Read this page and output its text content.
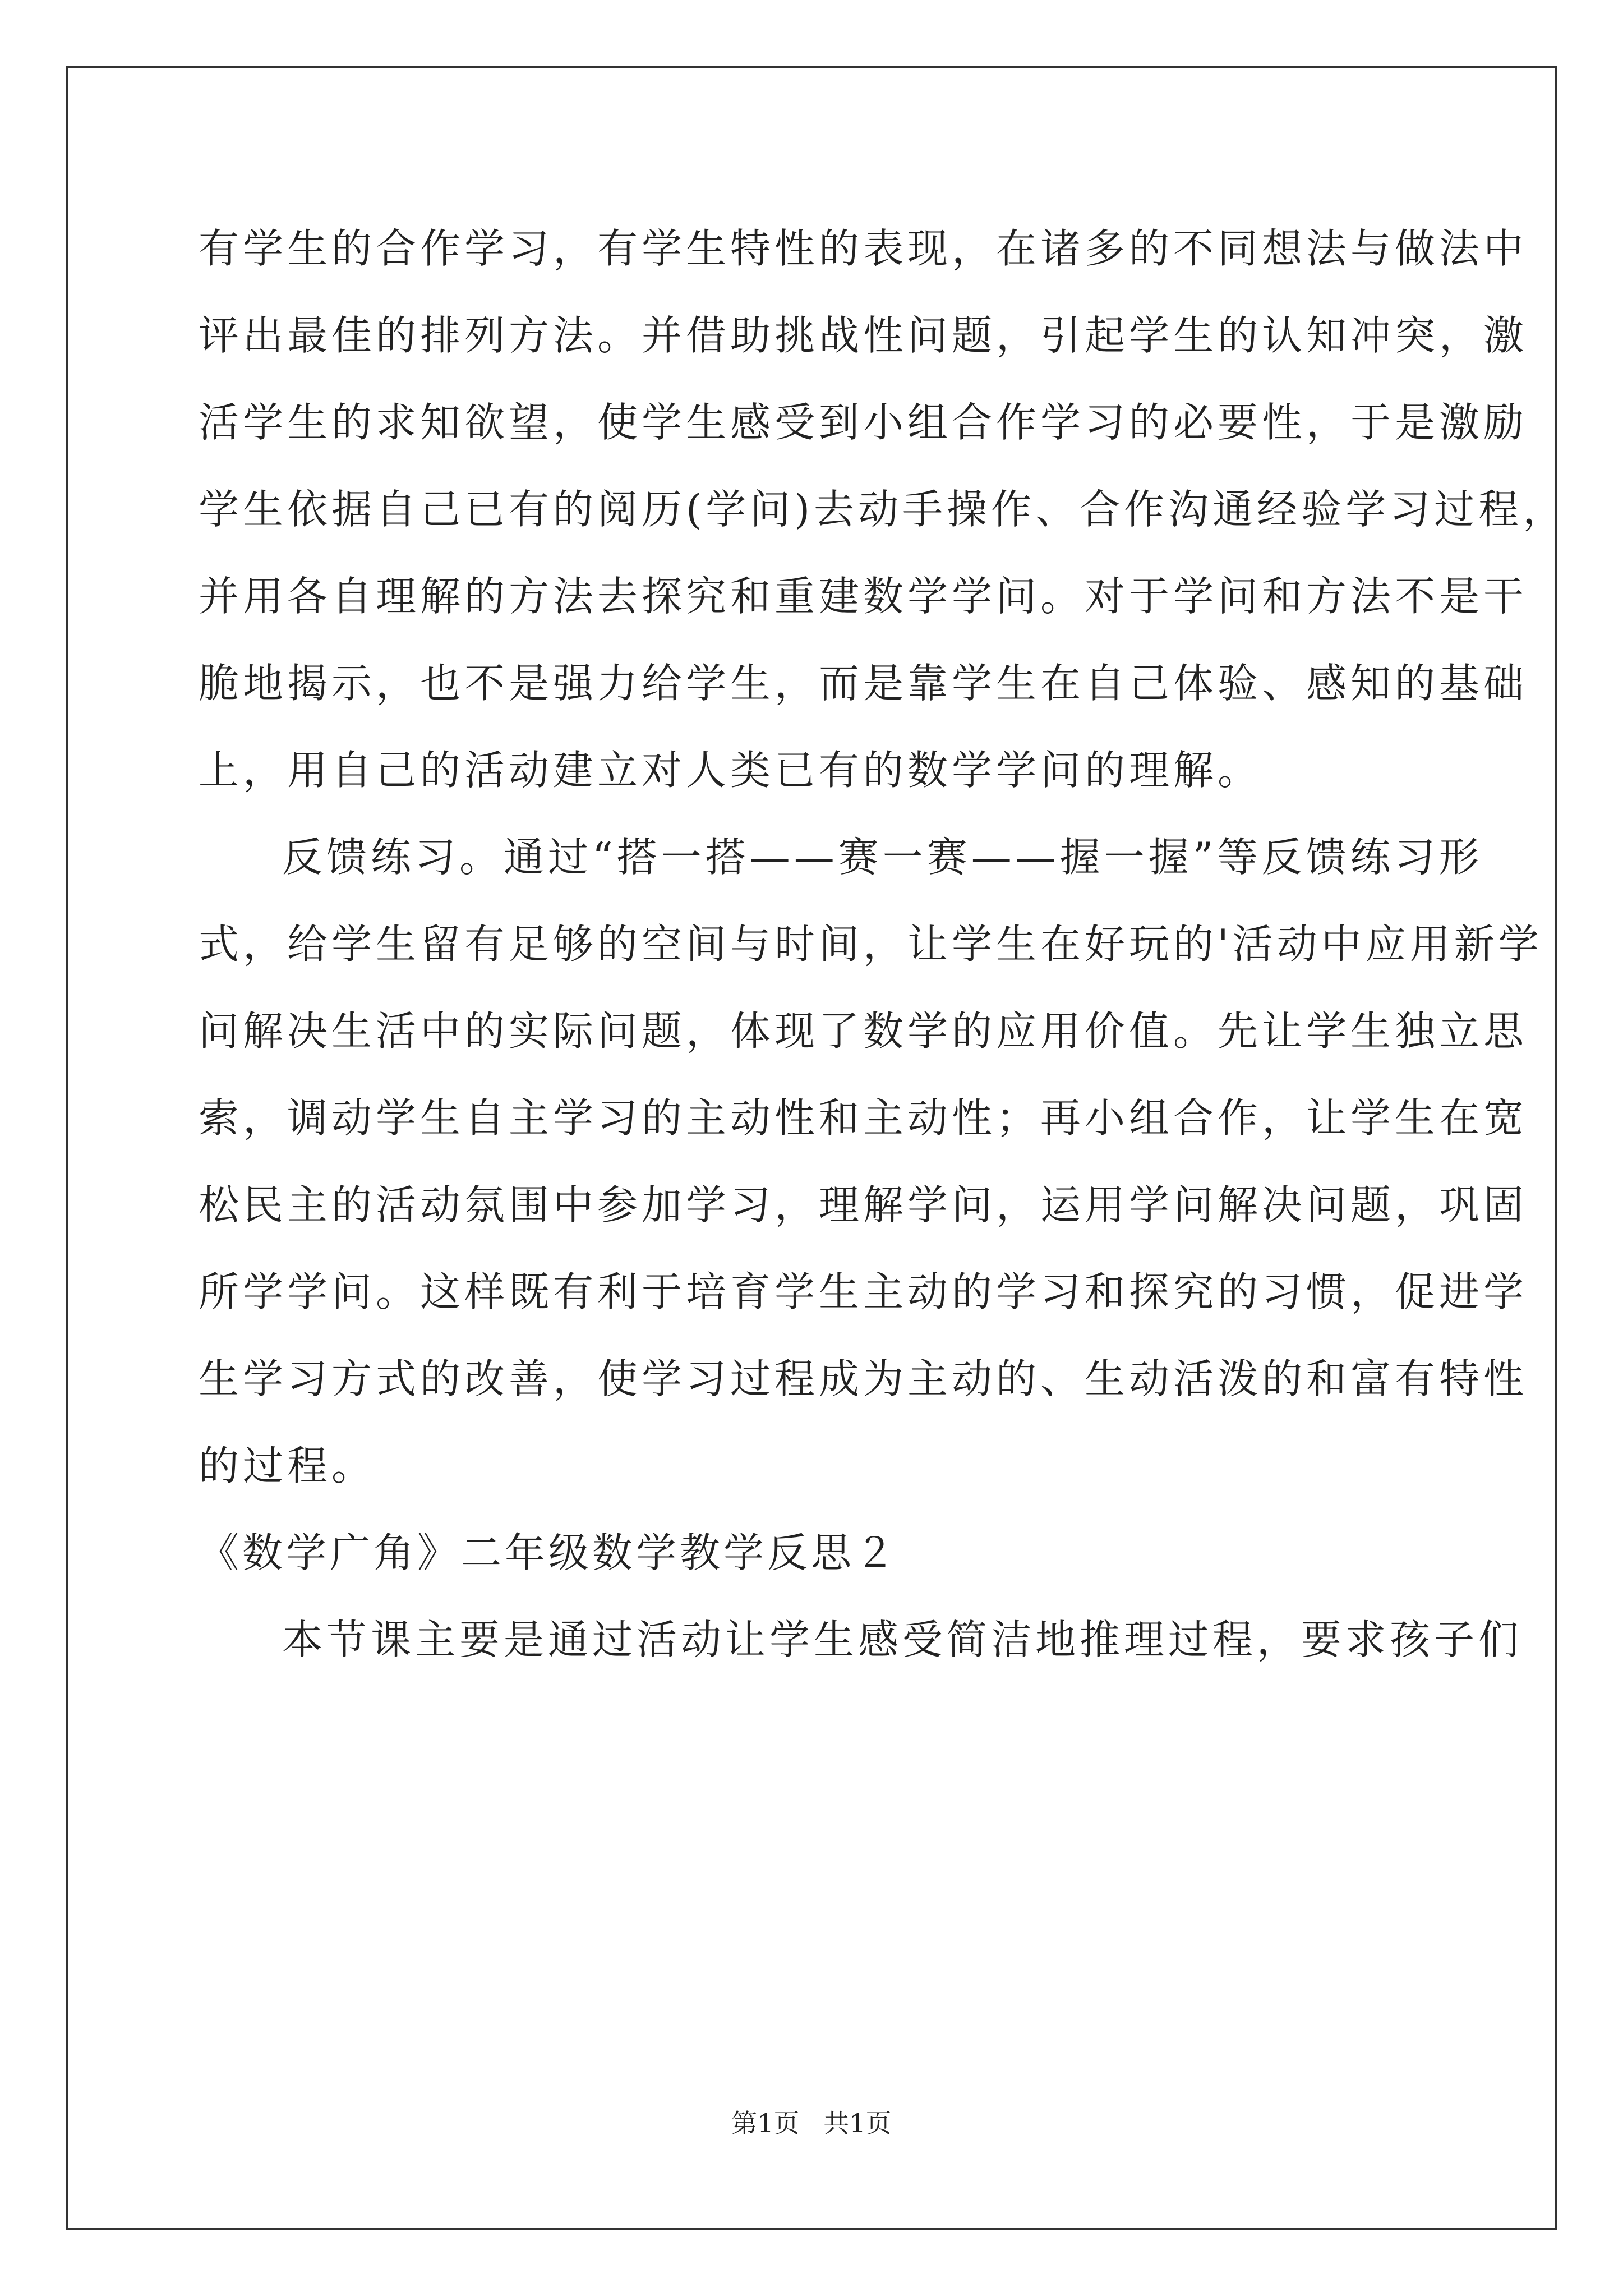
有学生的合作学习，有学生特性的表现，在诸多的不同想法与做法中
评出最佳的排列方法。并借助挑战性问题，引起学生的认知冲突，激
活学生的求知欲望，使学生感受到小组合作学习的必要性，于是激励
学生依据自己已有的阅历(学问)去动手操作、合作沟通经验学习过程，
并用各自理解的方法去探究和重建数学学问。对于学问和方法不是干
脆地揭示，也不是强力给学生，而是靠学生在自己体验、感知的基础
上，用自己的活动建立对人类已有的数学学问的理解。
反馈练习。通过“搭一搭——赛一赛——握一握”等反馈练习形
式，给学生留有足够的空间与时间，让学生在好玩的'活动中应用新学
问解决生活中的实际问题，体现了数学的应用价值。先让学生独立思
索，调动学生自主学习的主动性和主动性；再小组合作，让学生在宽
松民主的活动氛围中参加学习，理解学问，运用学问解决问题，巩固
所学学问。这样既有利于培育学生主动的学习和探究的习惯，促进学
生学习方式的改善，使学习过程成为主动的、生动活泼的和富有特性
的过程。
《数学广角》二年级数学教学反思２
本节课主要是通过活动让学生感受简洁地推理过程，要求孩子们
第1页 共1页
